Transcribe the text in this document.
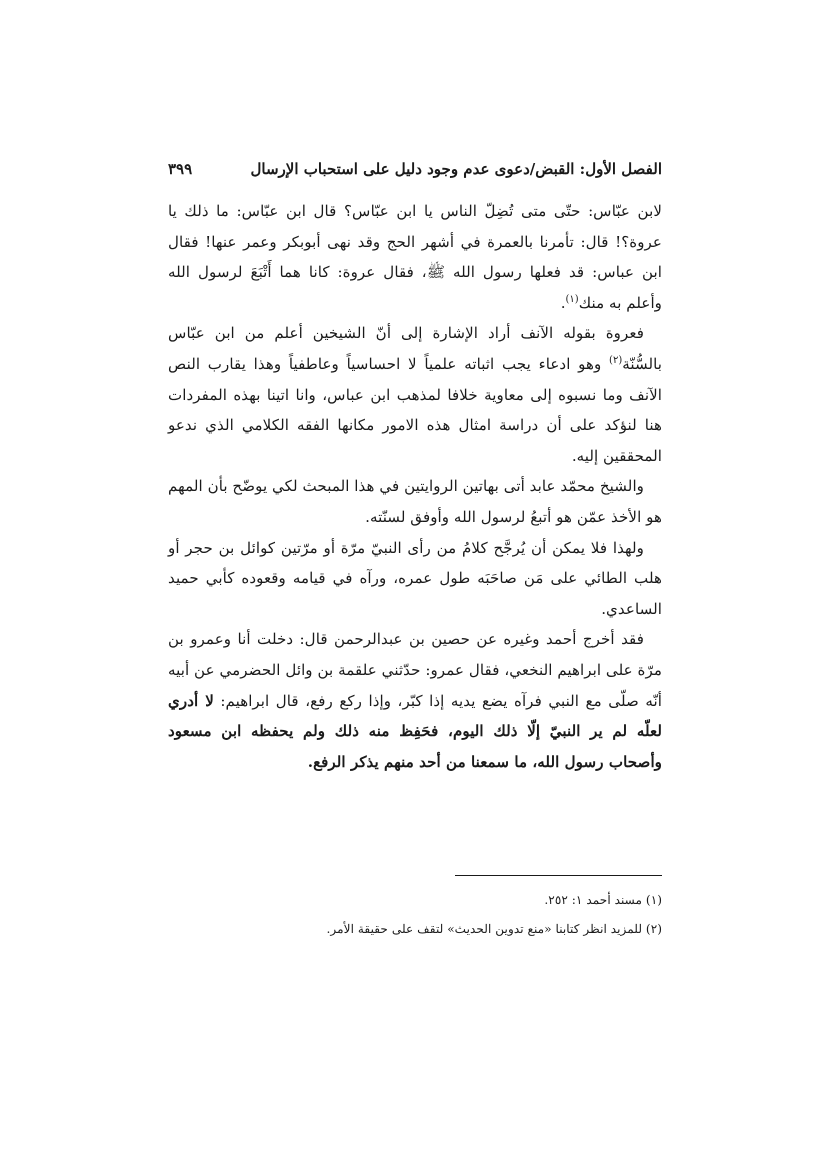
الفصل الأول: القبض/دعوى عدم وجود دليل على استحباب الإرسال
٣٩٩

لابن عبّاس: حتّى متى تُضِلّ الناس يا ابن عبّاس؟ قال ابن عبّاس: ما ذلك يا عروة؟! قال: تأمرنا بالعمرة في أشهر الحج وقد نهى أبوبكر وعمر عنها! فقال ابن عباس: قد فعلها رسول الله ﷺ، فقال عروة: كانا هما أَتْبَعَ لرسول الله وأعلم به منك$^{(١)}$.

فعروة بقوله الآنف أراد الإشارة إلى أنّ الشيخين أعلم من ابن عبّاس بالسُّنّة$^{(٢)}$ وهو ادعاء يجب اثباته علمياً لا احساسياً وعاطفياً وهذا يقارب النص الآنف وما نسبوه إلى معاوية خلافا لمذهب ابن عباس، وانا اتينا بهذه المفردات هنا لنؤكد على أن دراسة امثال هذه الامور مكانها الفقه الكلامي الذي ندعو المحققين إليه.

والشيخ محمّد عابد أتى بهاتين الروايتين في هذا المبحث لكي يوضّح بأن المهم هو الأخذ عمّن هو أتبعُ لرسول الله وأوفق لسنّته.

ولهذا فلا يمكن أن يُرجَّح كلامُ من رأى النبيّ مرّة أو مرّتين كوائل بن حجر أو هلب الطائي على مَن صاحَبَه طول عمره، ورآه في قيامه وقعوده كأبي حميد الساعدي.

فقد أخرج أحمد وغيره عن حصين بن عبدالرحمن قال: دخلت أنا وعمرو بن مرّة على ابراهيم النخعي، فقال عمرو: حدّثني علقمة بن وائل الحضرمي عن أبيه أنّه صلّى مع النبي فرآه يضع يديه إذا كبّر، وإذا ركع رفع، قال ابراهيم: لا أدري لعلّه لم ير النبيّ إلّا ذلك اليوم، فحَفِظ منه ذلك ولم يحفظه ابن مسعود وأصحاب رسول الله، ما سمعنا من أحد منهم يذكر الرفع.

(١) مسند أحمد ١: ٢٥٢.

(٢) للمزيد انظر كتابنا «منع تدوين الحديث» لتقف على حقيقة الأمر.
